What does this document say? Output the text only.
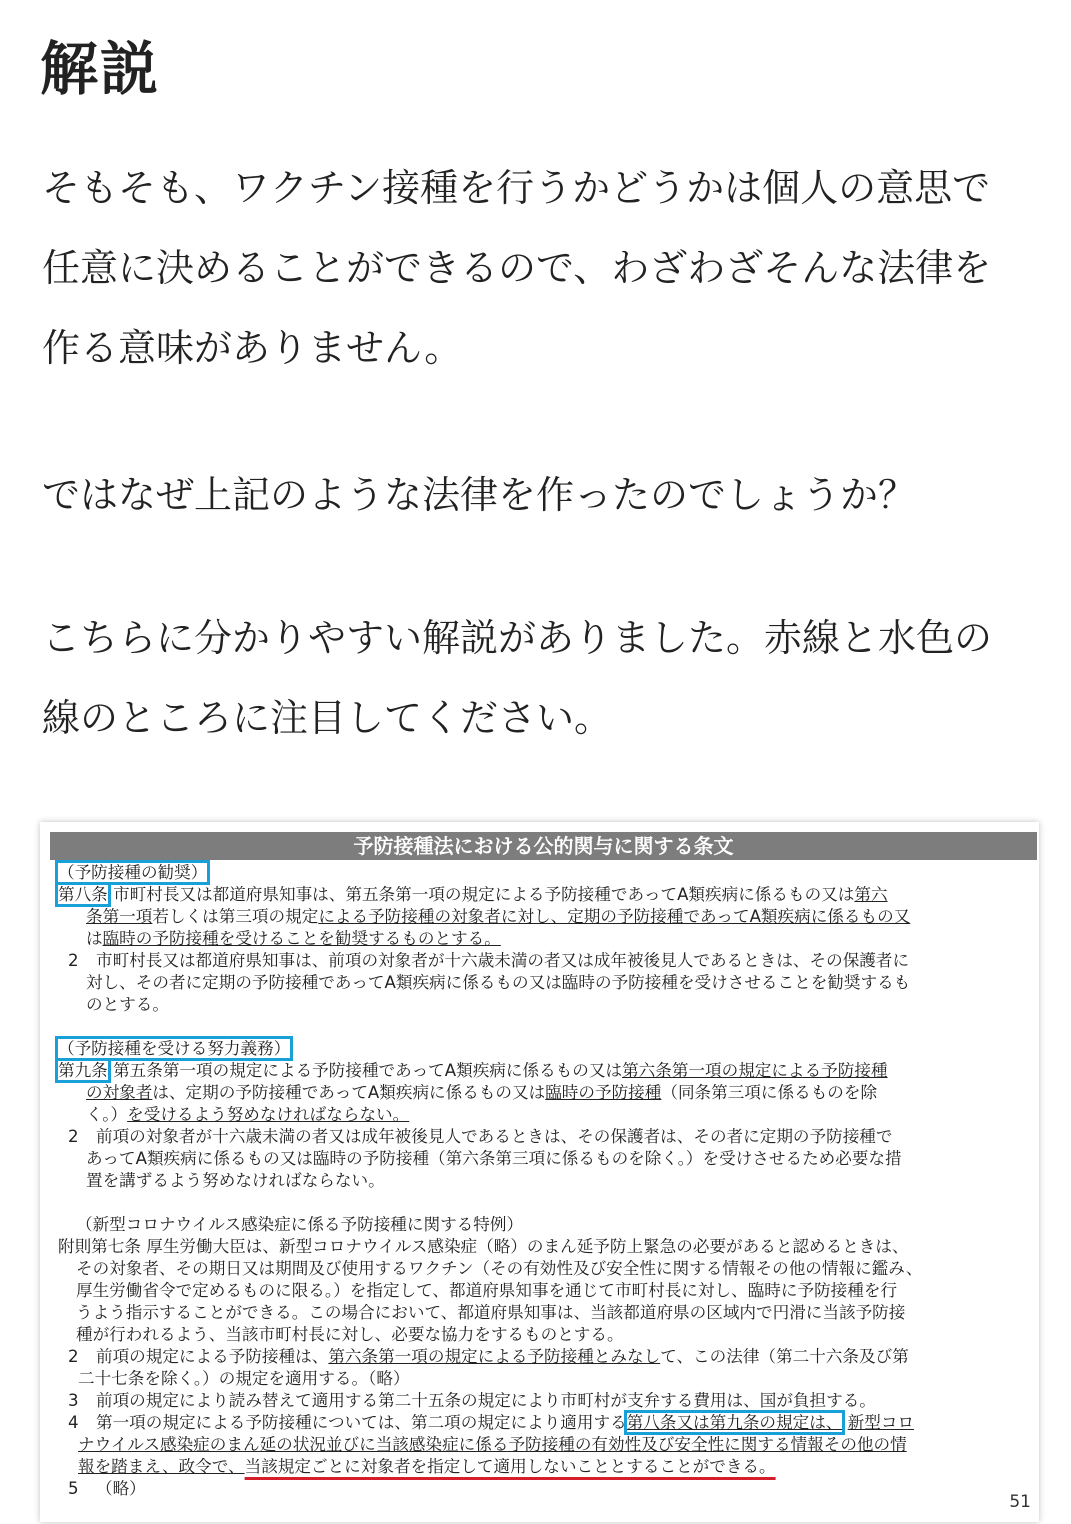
解説

そもそも、ワクチン接種を行うかどうかは個人の意思で任意に決めることができるので、わざわざそんな法律を作る意味がありません。

ではなぜ上記のような法律を作ったのでしょうか？

こちらに分かりやすい解説がありました。赤線と水色の線のところに注目してください。

予防接種法における公的関与に関する条文
（予防接種の勧奨）
第八条 市町村長又は都道府県知事は、第五条第一項の規定による予防接種であってA類疾病に係るもの又は第六
条第一項若しくは第三項の規定による予防接種の対象者に対し、定期の予防接種であってA類疾病に係るもの又
は臨時の予防接種を受けることを勧奨するものとする。
2 市町村長又は都道府県知事は、前項の対象者が十六歳未満の者又は成年被後見人であるときは、その保護者に
対し、その者に定期の予防接種であってA類疾病に係るもの又は臨時の予防接種を受けさせることを勧奨するも
のとする。
（予防接種を受ける努力義務）
第九条 第五条第一項の規定による予防接種であってA類疾病に係るもの又は第六条第一項の規定による予防接種
の対象者は、定期の予防接種であってA類疾病に係るもの又は臨時の予防接種（同条第三項に係るものを除
く。）を受けるよう努めなければならない。
2 前項の対象者が十六歳未満の者又は成年被後見人であるときは、その保護者は、その者に定期の予防接種で
あってA類疾病に係るもの又は臨時の予防接種（第六条第三項に係るものを除く。）を受けさせるため必要な措
置を講ずるよう努めなければならない。
（新型コロナウイルス感染症に係る予防接種に関する特例）
附則第七条 厚生労働大臣は、新型コロナウイルス感染症（略）のまん延予防上緊急の必要があると認めるときは、
その対象者、その期日又は期間及び使用するワクチン（その有効性及び安全性に関する情報その他の情報に鑑み、
厚生労働省令で定めるものに限る。）を指定して、都道府県知事を通じて市町村長に対し、臨時に予防接種を行
うよう指示することができる。この場合において、都道府県知事は、当該都道府県の区域内で円滑に当該予防接
種が行われるよう、当該市町村長に対し、必要な協力をするものとする。
2 前項の規定による予防接種は、第六条第一項の規定による予防接種とみなして、この法律（第二十六条及び第
二十七条を除く。）の規定を適用する。（略）
3 前項の規定により読み替えて適用する第二十五条の規定により市町村が支弁する費用は、国が負担する。
4 第一項の規定による予防接種については、第二項の規定により適用する第八条又は第九条の規定は、 新型コロ
ナウイルス感染症のまん延の状況並びに当該感染症に係る予防接種の有効性及び安全性に関する情報その他の情
報を踏まえ、政令で、当該規定ごとに対象者を指定して適用しないこととすることができる。
5 （略）
51
